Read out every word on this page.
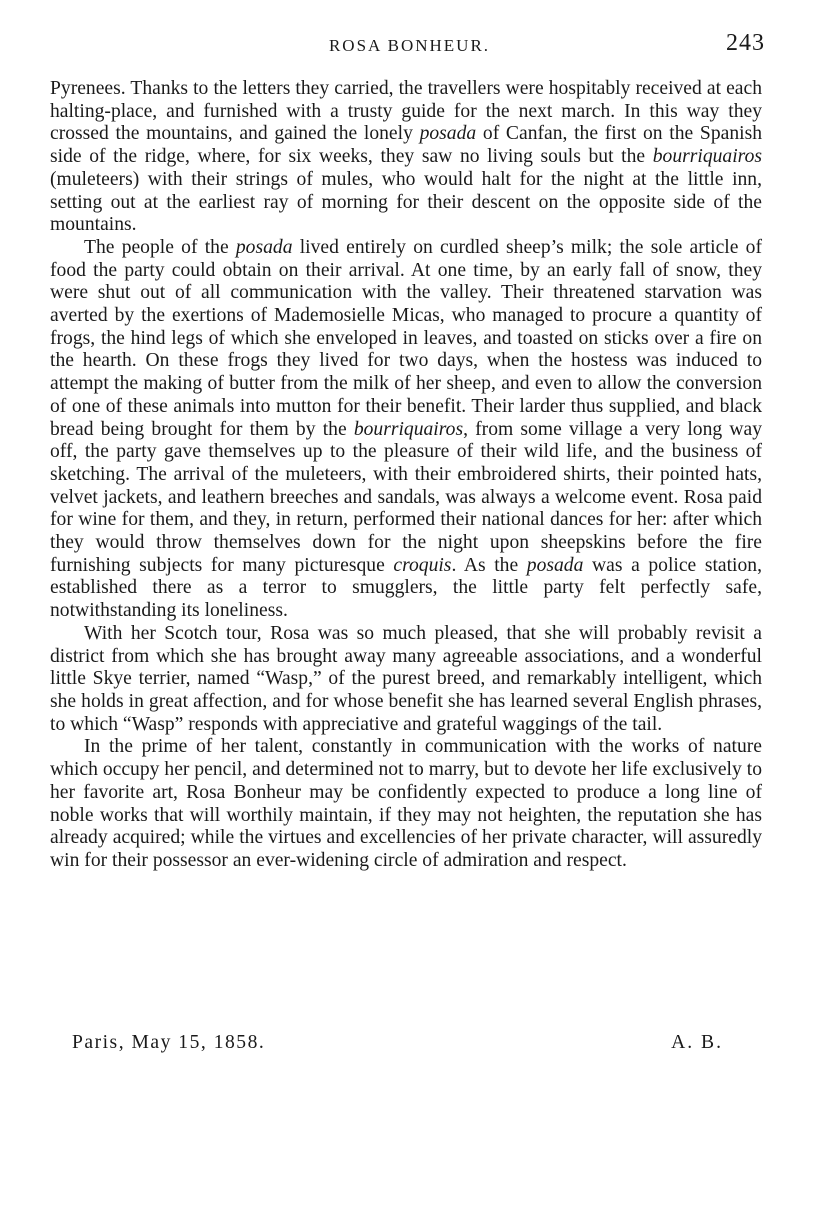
ROSA BONHEUR.	243

Pyrenees. Thanks to the letters they carried, the travellers were hospitably received at each halting-place, and furnished with a trusty guide for the next march. In this way they crossed the mountains, and gained the lonely posada of Canfan, the first on the Spanish side of the ridge, where, for six weeks, they saw no living souls but the bourriquairos (muleteers) with their strings of mules, who would halt for the night at the little inn, setting out at the earliest ray of morning for their descent on the opposite side of the mountains.

The people of the posada lived entirely on curdled sheep’s milk; the sole article of food the party could obtain on their arrival. At one time, by an early fall of snow, they were shut out of all communication with the valley. Their threatened starvation was averted by the exertions of Mademosielle Micas, who managed to procure a quantity of frogs, the hind legs of which she enveloped in leaves, and toasted on sticks over a fire on the hearth. On these frogs they lived for two days, when the hostess was induced to attempt the making of butter from the milk of her sheep, and even to allow the conversion of one of these animals into mutton for their benefit. Their larder thus supplied, and black bread being brought for them by the bourriquairos, from some village a very long way off, the party gave themselves up to the pleasure of their wild life, and the business of sketching. The arrival of the muleteers, with their embroidered shirts, their pointed hats, velvet jackets, and leathern breeches and sandals, was always a welcome event. Rosa paid for wine for them, and they, in return, performed their national dances for her: after which they would throw themselves down for the night upon sheepskins before the fire furnishing subjects for many picturesque croquis. As the posada was a police station, established there as a terror to smugglers, the little party felt perfectly safe, notwithstanding its loneliness.

With her Scotch tour, Rosa was so much pleased, that she will probably revisit a district from which she has brought away many agreeable associations, and a wonderful little Skye terrier, named “Wasp,” of the purest breed, and remarkably intelligent, which she holds in great affection, and for whose benefit she has learned several English phrases, to which “Wasp” responds with appreciative and grateful waggings of the tail.

In the prime of her talent, constantly in communication with the works of nature which occupy her pencil, and determined not to marry, but to devote her life exclusively to her favorite art, Rosa Bonheur may be confidently expected to produce a long line of noble works that will worthily maintain, if they may not heighten, the reputation she has already acquired; while the virtues and excellencies of her private character, will assuredly win for their possessor an ever-widening circle of admiration and respect.

Paris, May 15, 1858.	A. B.
